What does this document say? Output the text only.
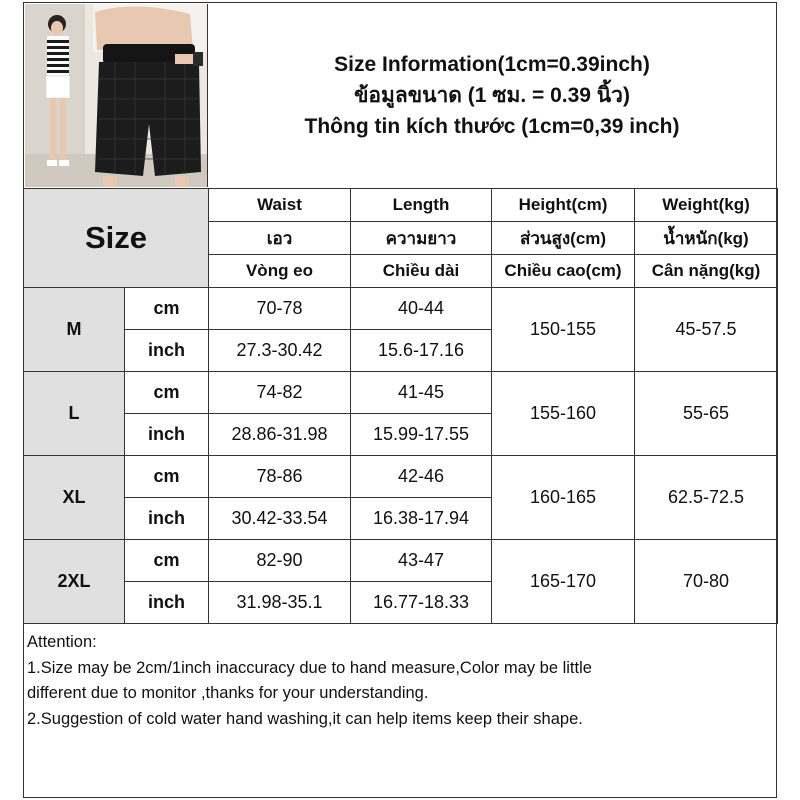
Size Information(1cm=0.39inch)
ข้อมูลขนาด (1 ซม. = 0.39 นิ้ว)
Thông tin kích thước (1cm=0,39 inch)
Size		Waist	Length	Height(cm)	Weight(kg)
		เอว	ความยาว	ส่วนสูง(cm)	น้ำหนัก(kg)
		Vòng eo	Chiều dài	Chiều cao(cm)	Cân nặng(kg)
M	cm	70-78	40-44	150-155	45-57.5
	inch	27.3-30.42	15.6-17.16		
L	cm	74-82	41-45	155-160	55-65
	inch	28.86-31.98	15.99-17.55		
XL	cm	78-86	42-46	160-165	62.5-72.5
	inch	30.42-33.54	16.38-17.94		
2XL	cm	82-90	43-47	165-170	70-80
	inch	31.98-35.1	16.77-18.33		
Attention:
1.Size may be 2cm/1inch inaccuracy due to hand measure,Color may be little
different due to monitor ,thanks for your understanding.
2.Suggestion of cold water hand washing,it can help items keep their shape.
